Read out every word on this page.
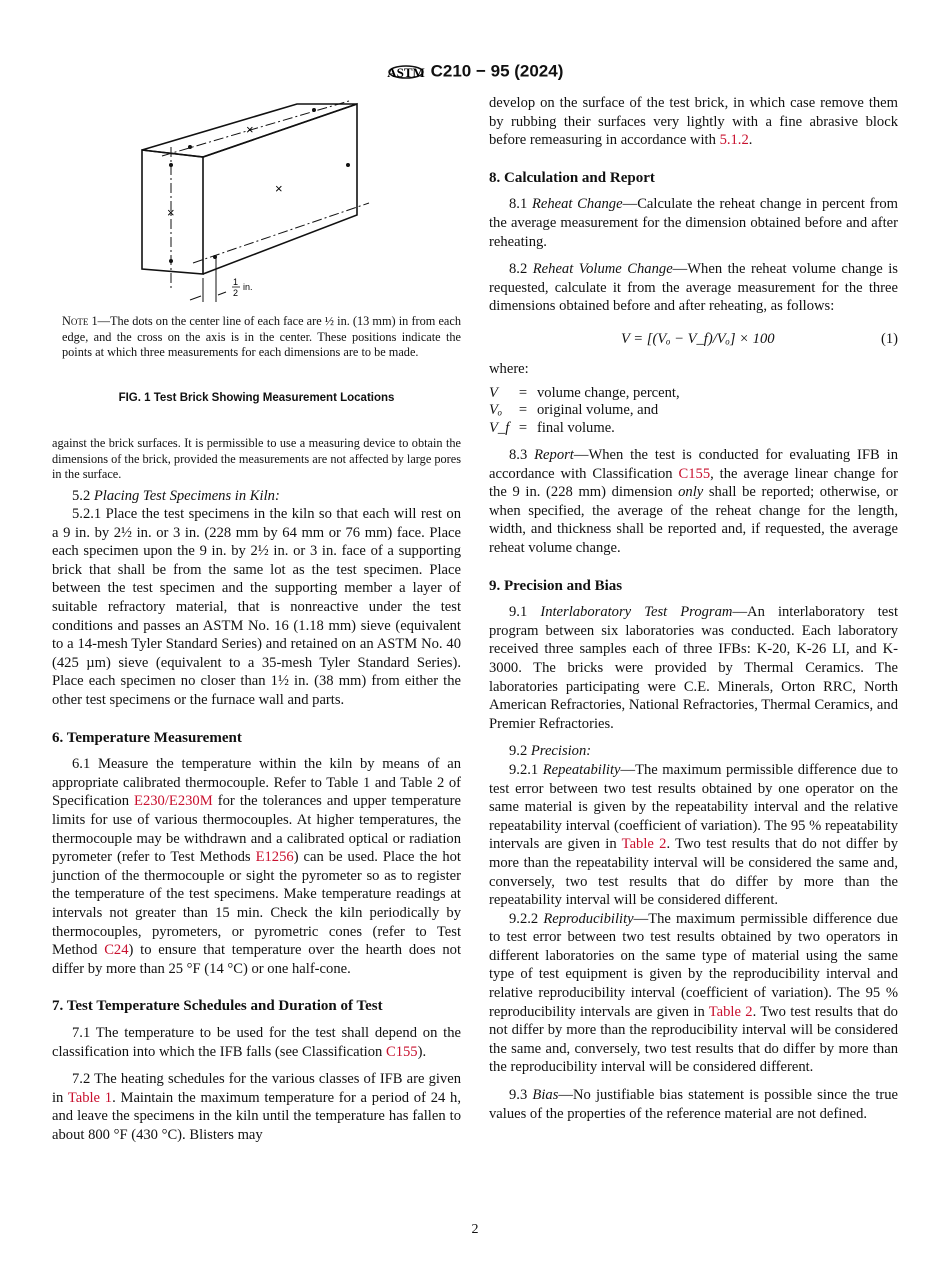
ASTM C210 − 95 (2024)
×
×
×
1
2
in.
Note 1—The dots on the center line of each face are ½ in. (13 mm) in from each edge, and the cross on the axis is in the center. These positions indicate the points at which three measurements for each dimensions are to be made.
FIG. 1 Test Brick Showing Measurement Locations

against the brick surfaces. It is permissible to use a measuring device to obtain the dimensions of the brick, provided the measurements are not affected by large pores in the surface.

5.2 Placing Test Specimens in Kiln:

5.2.1 Place the test specimens in the kiln so that each will rest on a 9 in. by 2½ in. or 3 in. (228 mm by 64 mm or 76 mm) face. Place each specimen upon the 9 in. by 2½ in. or 3 in. face of a supporting brick that shall be from the same lot as the test specimen. Place between the test specimen and the supporting member a layer of suitable refractory material, that is nonreactive under the test conditions and passes an ASTM No. 16 (1.18 mm) sieve (equivalent to a 14-mesh Tyler Standard Series) and retained on an ASTM No. 40 (425 µm) sieve (equivalent to a 35-mesh Tyler Standard Series). Place each specimen no closer than 1½ in. (38 mm) from either the other test specimens or the furnace wall and parts.

6. Temperature Measurement

6.1 Measure the temperature within the kiln by means of an appropriate calibrated thermocouple. Refer to Table 1 and Table 2 of Specification E230/E230M for the tolerances and upper temperature limits for use of various thermocouples. At higher temperatures, the thermocouple may be withdrawn and a calibrated optical or radiation pyrometer (refer to Test Methods E1256) can be used. Place the hot junction of the thermocouple or sight the pyrometer so as to register the temperature of the test specimens. Make temperature readings at intervals not greater than 15 min. Check the kiln periodically by thermocouples, pyrometers, or pyrometric cones (refer to Test Method C24) to ensure that temperature over the hearth does not differ by more than 25 °F (14 °C) or one half-cone.

7. Test Temperature Schedules and Duration of Test

7.1 The temperature to be used for the test shall depend on the classification into which the IFB falls (see Classification C155).

7.2 The heating schedules for the various classes of IFB are given in Table 1. Maintain the maximum temperature for a period of 24 h, and leave the specimens in the kiln until the temperature has fallen to about 800 °F (430 °C). Blisters may

develop on the surface of the test brick, in which case remove them by rubbing their surfaces very lightly with a fine abrasive block before remeasuring in accordance with 5.1.2.

8. Calculation and Report

8.1 Reheat Change—Calculate the reheat change in percent from the average measurement for the dimension obtained before and after reheating.

8.2 Reheat Volume Change—When the reheat volume change is requested, calculate it from the average measurement for the three dimensions obtained before and after reheating, as follows:

V = [(Vₒ − V_f)/Vₒ] × 100	(1)
where:
V	= volume change, percent,
Vₒ	= original volume, and
V_f = final volume.

8.3 Report—When the test is conducted for evaluating IFB in accordance with Classification C155, the average linear change for the 9 in. (228 mm) dimension only shall be reported; otherwise, or when specified, the average of the reheat change for the length, width, and thickness shall be reported and, if requested, the average reheat volume change.

9. Precision and Bias

9.1 Interlaboratory Test Program—An interlaboratory test program between six laboratories was conducted. Each laboratory received three samples each of three IFBs: K-20, K-26 LI, and K-3000. The bricks were provided by Thermal Ceramics. The laboratories participating were C.E. Minerals, Orton RRC, North American Refractories, National Refractories, Thermal Ceramics, and Premier Refractories.

9.2 Precision:

9.2.1 Repeatability—The maximum permissible difference due to test error between two test results obtained by one operator on the same material is given by the repeatability interval and the relative repeatability interval (coefficient of variation). The 95 % repeatability intervals are given in Table 2. Two test results that do not differ by more than the repeatability interval will be considered the same and, conversely, two test results that do differ by more than the repeatability interval will be considered different.

9.2.2 Reproducibility—The maximum permissible difference due to test error between two test results obtained by two operators in different laboratories on the same type of material using the same type of test equipment is given by the reproducibility interval and relative reproducibility interval (coefficient of variation). The 95 % reproducibility intervals are given in Table 2. Two test results that do not differ by more than the reproducibility interval will be considered the same and, conversely, two test results that do differ by more than the reproducibility interval will be considered different.

9.3 Bias—No justifiable bias statement is possible since the true values of the properties of the reference material are not defined.

2
